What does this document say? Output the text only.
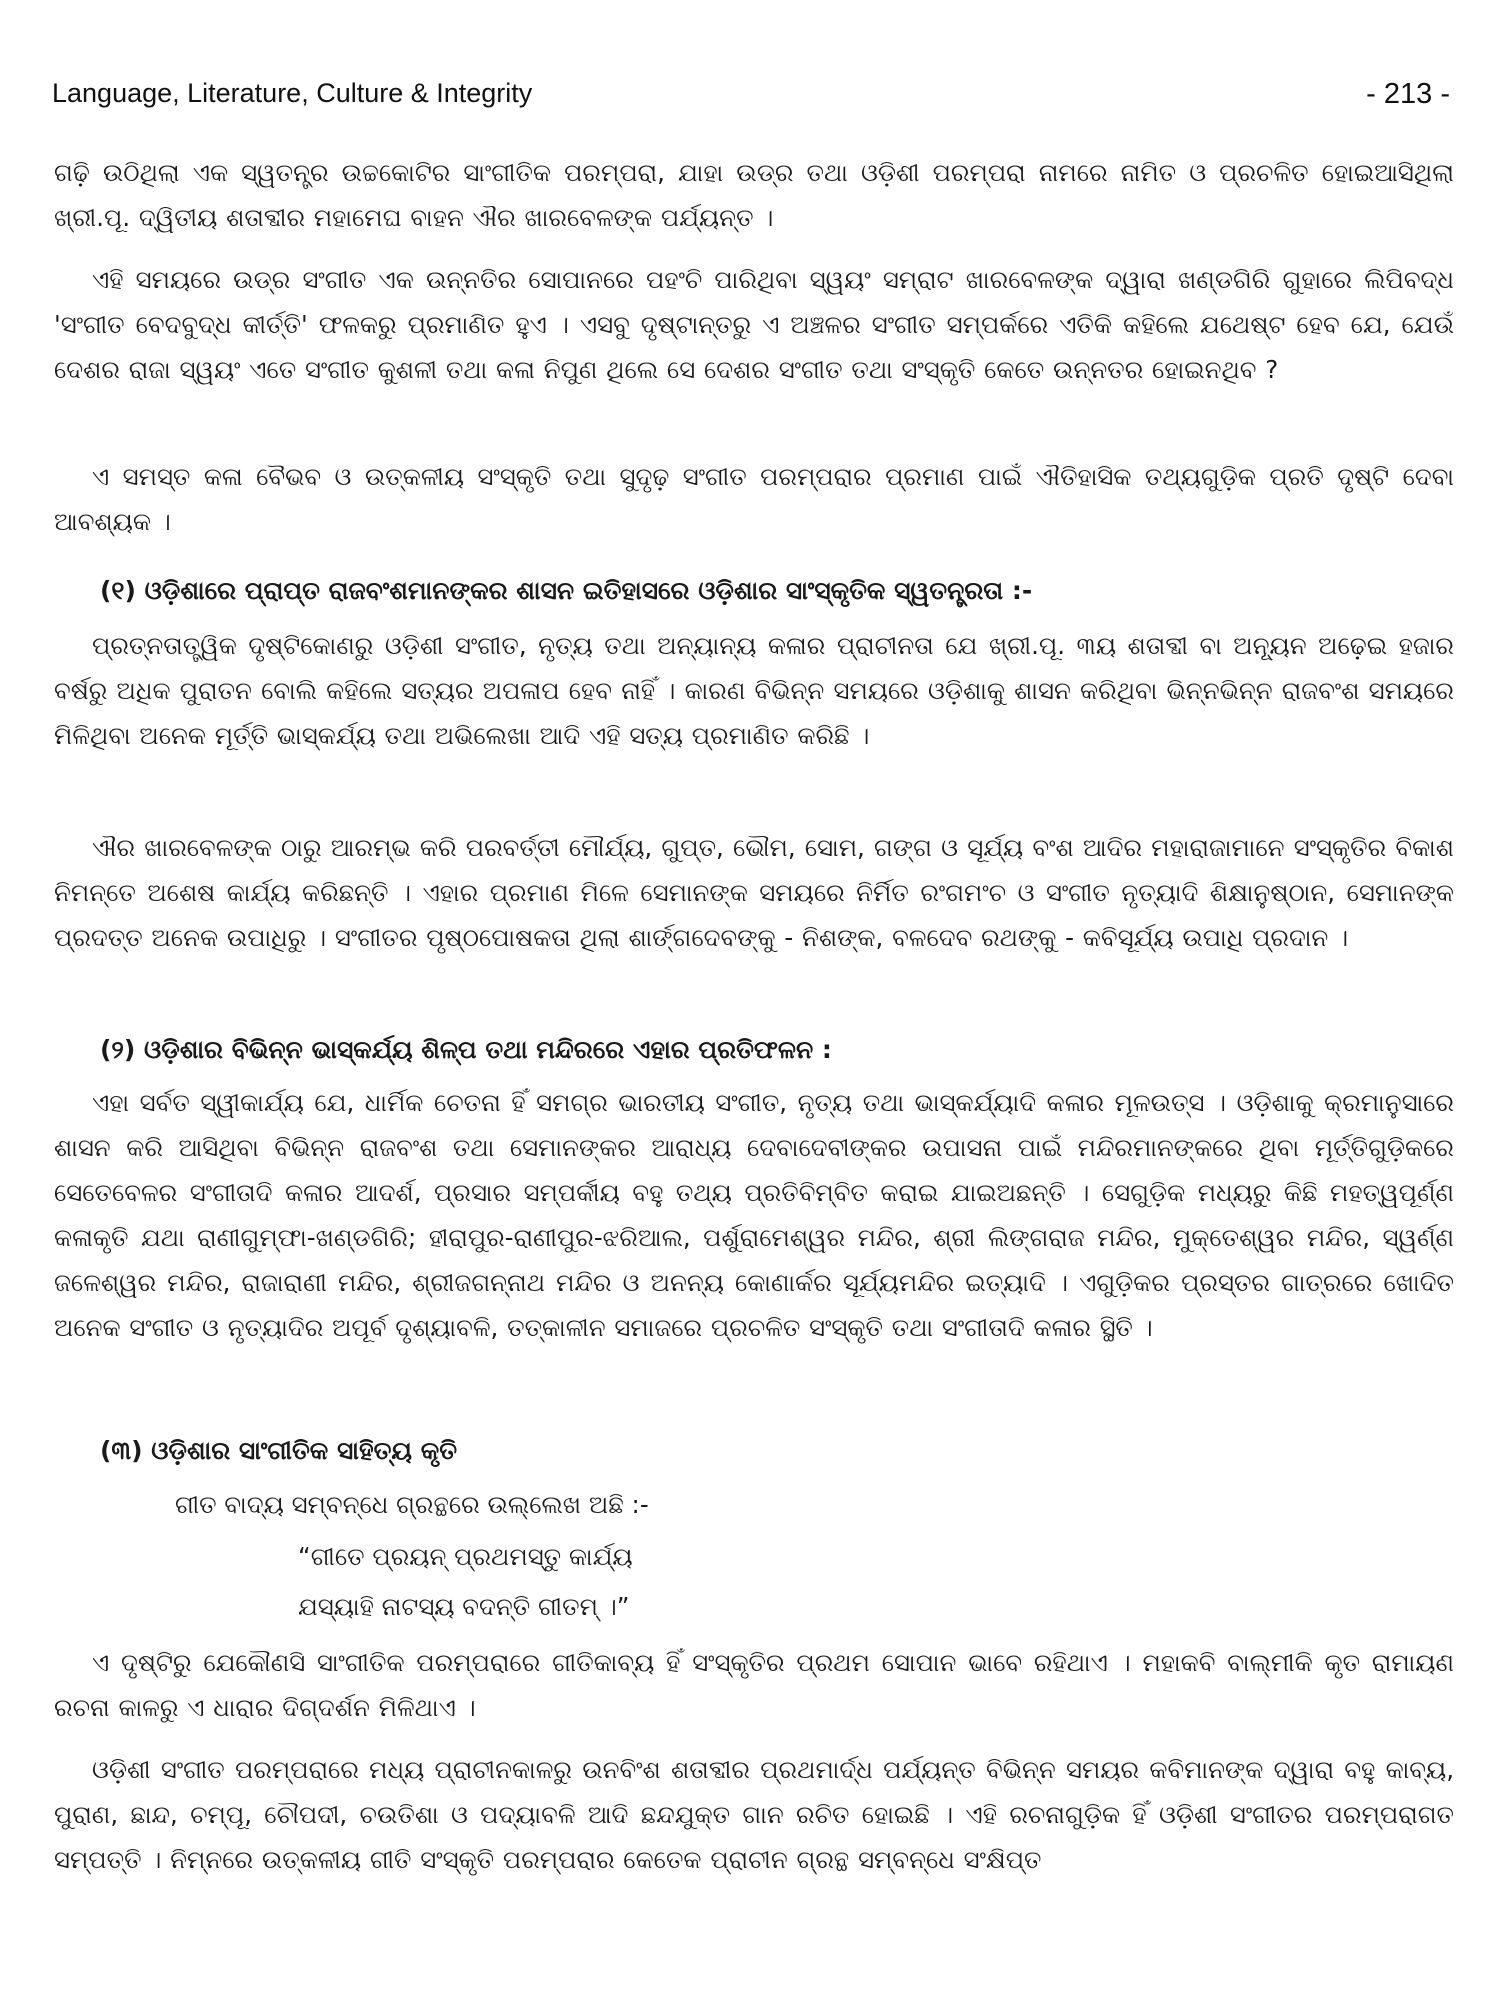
Language, Literature, Culture & Integrity	- 213 -
ଗଢ଼ି ଉଠିଥିଲା ଏକ ସ୍ୱତନ୍ତ୍ର ଉଚ୍ଚକୋଟିର ସାଂଗୀତିକ ପରମ୍ପରା, ଯାହା ଉଡ୍ର ତଥା ଓଡ଼ିଶୀ ପରମ୍ପରା ନାମରେ ନାମିତ ଓ ପ୍ରଚଳିତ ହୋଇଆସିଥିଲା ଖ୍ରୀ.ପୂ. ଦ୍ୱିତୀୟ ଶତାବ୍ଦୀର ମହାମେଘ ବାହନ ଐର ଖାରବେଳଙ୍କ ପର୍ଯ୍ୟନ୍ତ ।
ଏହି ସମୟରେ ଉଡ୍ର ସଂଗୀତ ଏକ ଉନ୍ନତିର ସୋପାନରେ ପହଂଚି ପାରିଥିବା ସ୍ୱୟଂ ସମ୍ରାଟ ଖାରବେଳଙ୍କ ଦ୍ୱାରା ଖଣ୍ଡଗିରି ଗୁହାରେ ଲିପିବଦ୍ଧ 'ସଂଗୀତ ବେଦବୁଦ୍ଧ କୀର୍ତ୍ତି' ଫଳକରୁ ପ୍ରମାଣିତ ହୁଏ । ଏସବୁ ଦୃଷ୍ଟାନ୍ତରୁ ଏ ଅଞ୍ଚଳର ସଂଗୀତ ସମ୍ପର୍କରେ ଏତିକି କହିଲେ ଯଥେଷ୍ଟ ହେବ ଯେ, ଯେଉଁ ଦେଶର ରାଜା ସ୍ୱୟଂ ଏତେ ସଂଗୀତ କୁଶଳୀ ତଥା କଳା ନିପୁଣ ଥିଲେ ସେ ଦେଶର ସଂଗୀତ ତଥା ସଂସ୍କୃତି କେତେ ଉନ୍ନତର ହୋଇନଥିବ ?
ଏ ସମସ୍ତ କଳା ବୈଭବ ଓ ଉତ୍କଳୀୟ ସଂସ୍କୃତି ତଥା ସୁଦୃଢ଼ ସଂଗୀତ ପରମ୍ପରାର ପ୍ରମାଣ ପାଇଁ ଐତିହାସିକ ତଥ୍ୟଗୁଡ଼ିକ ପ୍ରତି ଦୃଷ୍ଟି ଦେବା ଆବଶ୍ୟକ ।
(୧) ଓଡ଼ିଶାରେ ପ୍ରାପ୍ତ ରାଜବଂଶମାନଙ୍କର ଶାସନ ଇତିହାସରେ ଓଡ଼ିଶାର ସାଂସ୍କୃତିକ ସ୍ୱତନ୍ତ୍ରତା :-
ପ୍ରତ୍ନତାତ୍ତ୍ୱିକ ଦୃଷ୍ଟିକୋଣରୁ ଓଡ଼ିଶୀ ସଂଗୀତ, ନୃତ୍ୟ ତଥା ଅନ୍ୟାନ୍ୟ କଳାର ପ୍ରାଚୀନତା ଯେ ଖ୍ରୀ.ପୂ. ୩ୟ ଶତାବ୍ଦୀ ବା ଅନ୍ୟୂନ ଅଢ଼େଇ ହଜାର ବର୍ଷରୁ ଅଧିକ ପୁରାତନ ବୋଲି କହିଲେ ସତ୍ୟର ଅପଳାପ ହେବ ନାହିଁ । କାରଣ ବିଭିନ୍ନ ସମୟରେ ଓଡ଼ିଶାକୁ ଶାସନ କରିଥିବା ଭିନ୍ନଭିନ୍ନ ରାଜବଂଶ ସମୟରେ ମିଳିଥିବା ଅନେକ ମୂର୍ତ୍ତି ଭାସ୍କର୍ଯ୍ୟ ତଥା ଅଭିଲେଖା ଆଦି ଏହି ସତ୍ୟ ପ୍ରମାଣିତ କରିଛି ।
ଐର ଖାରବେଳଙ୍କ ଠାରୁ ଆରମ୍ଭ କରି ପରବର୍ତ୍ତୀ ମୌର୍ଯ୍ୟ, ଗୁପ୍ତ, ଭୌମ, ସୋମ, ଗଙ୍ଗ ଓ ସୂର୍ଯ୍ୟ ବଂଶ ଆଦିର ମହାରାଜାମାନେ ସଂସ୍କୃତିର ବିକାଶ ନିମନ୍ତେ ଅଶେଷ କାର୍ଯ୍ୟ କରିଛନ୍ତି । ଏହାର ପ୍ରମାଣ ମିଳେ ସେମାନଙ୍କ ସମୟରେ ନିର୍ମିତ ରଂଗମଂଚ ଓ ସଂଗୀତ ନୃତ୍ୟାଦି ଶିକ୍ଷାନୁଷ୍ଠାନ, ସେମାନଙ୍କ ପ୍ରଦତ୍ତ ଅନେକ ଉପାଧିରୁ । ସଂଗୀତର ପୃଷ୍ଠପୋଷକତା ଥିଲା ଶାର୍ଙ୍ଗଦେବଙ୍କୁ - ନିଶଙ୍କ, ବଳଦେବ ରଥଙ୍କୁ - କବିସୂର୍ଯ୍ୟ ଉପାଧି ପ୍ରଦାନ ।
(୨) ଓଡ଼ିଶାର ବିଭିନ୍ନ ଭାସ୍କର୍ଯ୍ୟ ଶିଳ୍ପ ତଥା ମନ୍ଦିରରେ ଏହାର ପ୍ରତିଫଳନ :
ଏହା ସର୍ବତ ସ୍ୱୀକାର୍ଯ୍ୟ ଯେ, ଧାର୍ମିକ ଚେତନା ହିଁ ସମଗ୍ର ଭାରତୀୟ ସଂଗୀତ, ନୃତ୍ୟ ତଥା ଭାସ୍କର୍ଯ୍ୟାଦି କଳାର ମୂଳଉତ୍ସ । ଓଡ଼ିଶାକୁ କ୍ରମାନୁସାରେ ଶାସନ କରି ଆସିଥିବା ବିଭିନ୍ନ ରାଜବଂଶ ତଥା ସେମାନଙ୍କର ଆରାଧ୍ୟ ଦେବାଦେବୀଙ୍କର ଉପାସନା ପାଇଁ ମନ୍ଦିରମାନଙ୍କରେ ଥିବା ମୂର୍ତ୍ତିଗୁଡ଼ିକରେ ସେତେବେଳର ସଂଗୀତାଦି କଳାର ଆଦର୍ଶ, ପ୍ରସାର ସମ୍ପର୍କୀୟ ବହୁ ତଥ୍ୟ ପ୍ରତିବିମ୍ବିତ କରାଇ ଯାଇଅଛନ୍ତି । ସେଗୁଡ଼ିକ ମଧ୍ୟରୁ କିଛି ମହତ୍ୱପୂର୍ଣ୍ଣ କଳାକୃତି ଯଥା ରାଣୀଗୁମ୍ଫା-ଖଣ୍ଡଗିରି; ହୀରାପୁର-ରାଣୀପୁର-ଝରିଆଲ, ପର୍ଶୁରାମେଶ୍ୱର ମନ୍ଦିର, ଶ୍ରୀ ଲିଙ୍ଗରାଜ ମନ୍ଦିର, ମୁକ୍ତେଶ୍ୱର ମନ୍ଦିର, ସ୍ୱର୍ଣ୍ଣ ଜଳେଶ୍ୱର ମନ୍ଦିର, ରାଜାରାଣୀ ମନ୍ଦିର, ଶ୍ରୀଜଗନ୍ନାଥ ମନ୍ଦିର ଓ ଅନନ୍ୟ କୋଣାର୍କର ସୂର୍ଯ୍ୟମନ୍ଦିର ଇତ୍ୟାଦି । ଏଗୁଡ଼ିକର ପ୍ରସ୍ତର ଗାତ୍ରରେ ଖୋଦିତ ଅନେକ ସଂଗୀତ ଓ ନୃତ୍ୟାଦିର ଅପୂର୍ବ ଦୃଶ୍ୟାବଳି, ତତ୍କାଳୀନ ସମାଜରେ ପ୍ରଚଳିତ ସଂସ୍କୃତି ତଥା ସଂଗୀତାଦି କଳାର ସ୍ଥିତି ।
(୩) ଓଡ଼ିଶାର ସାଂଗୀତିକ ସାହିତ୍ୟ କୃତି
ଗୀତ ବାଦ୍ୟ ସମ୍ବନ୍ଧେ ଗ୍ରନ୍ଥରେ ଉଲ୍ଲେଖ ଅଛି :-
“ଗୀତେ ପ୍ରୟନ୍ ପ୍ରଥମସ୍ତୁ କାର୍ଯ୍ୟ
ଯସ୍ୟାହି ନାଟସ୍ୟ ବଦନ୍ତି ଗୀତମ୍ ।”
ଏ ଦୃଷ୍ଟିରୁ ଯେକୌଣସି ସାଂଗୀତିକ ପରମ୍ପରାରେ ଗୀତିକାବ୍ୟ ହିଁ ସଂସ୍କୃତିର ପ୍ରଥମ ସୋପାନ ଭାବେ ରହିଥାଏ । ମହାକବି ବାଲ୍ମୀକି କୃତ ରାମାୟଣ ରଚନା କାଳରୁ ଏ ଧାରାର ଦିଗ୍‌ଦର୍ଶନ ମିଳିଥାଏ ।
ଓଡ଼ିଶୀ ସଂଗୀତ ପରମ୍ପରାରେ ମଧ୍ୟ ପ୍ରାଚୀନକାଳରୁ ଉନବିଂଶ ଶତାବ୍ଦୀର ପ୍ରଥମାର୍ଦ୍ଧ ପର୍ଯ୍ୟନ୍ତ ବିଭିନ୍ନ ସମୟର କବିମାନଙ୍କ ଦ୍ୱାରା ବହୁ କାବ୍ୟ, ପୁରାଣ, ଛାନ୍ଦ, ଚମ୍ପୂ, ଚୌପଦୀ, ଚଉତିଶା ଓ ପଦ୍ୟାବଳି ଆଦି ଛନ୍ଦଯୁକ୍ତ ଗାନ ରଚିତ ହୋଇଛି । ଏହି ରଚନାଗୁଡ଼ିକ ହିଁ ଓଡ଼ିଶୀ ସଂଗୀତର ପରମ୍ପରାଗତ ସମ୍ପତ୍ତି । ନିମ୍ନରେ ଉତ୍କଳୀୟ ଗୀତି ସଂସ୍କୃତି ପରମ୍ପରାର କେତେକ ପ୍ରାଚୀନ ଗ୍ରନ୍ଥ ସମ୍ବନ୍ଧେ ସଂକ୍ଷିପ୍ତ
